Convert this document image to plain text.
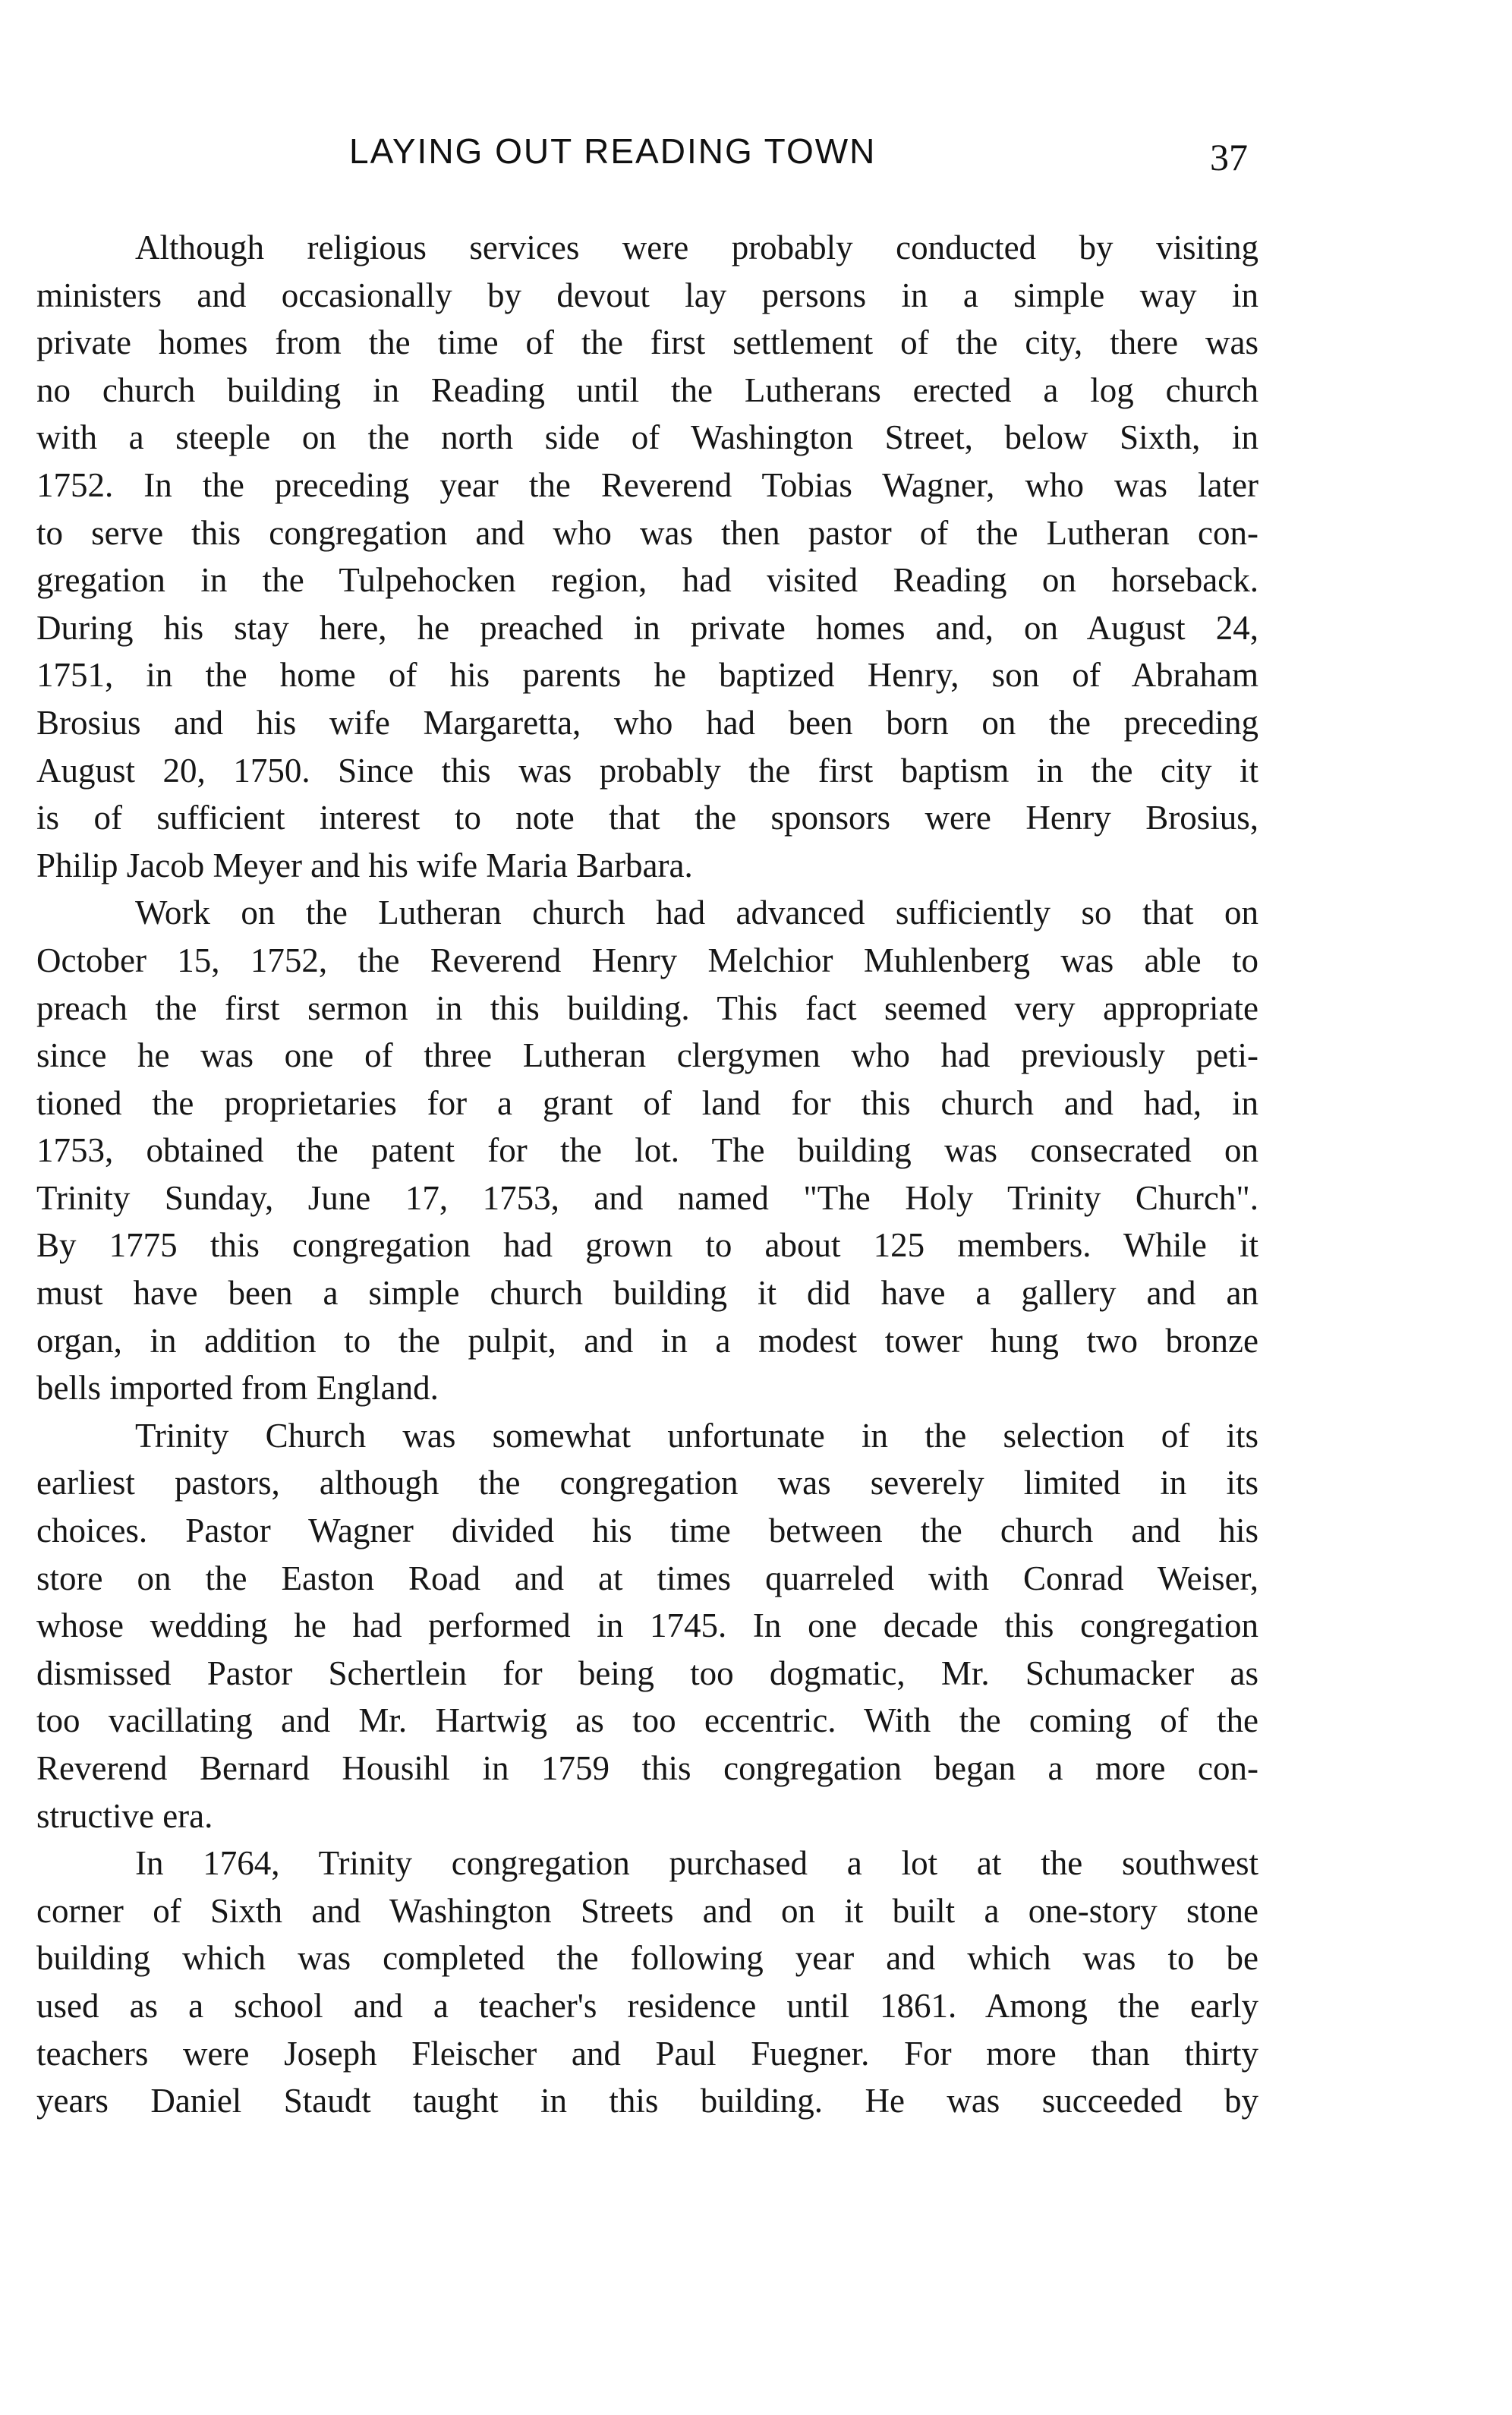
LAYING OUT READING TOWN	37
Although religious services were probably conducted by visiting
ministers and occasionally by devout lay persons in a simple way in
private homes from the time of the first settlement of the city, there was
no church building in Reading until the Lutherans erected a log church
with a steeple on the north side of Washington Street, below Sixth, in
1752. In the preceding year the Reverend Tobias Wagner, who was later
to serve this congregation and who was then pastor of the Lutheran con-
gregation in the Tulpehocken region, had visited Reading on horseback.
During his stay here, he preached in private homes and, on August 24,
1751, in the home of his parents he baptized Henry, son of Abraham
Brosius and his wife Margaretta, who had been born on the preceding
August 20, 1750. Since this was probably the first baptism in the city it
is of sufficient interest to note that the sponsors were Henry Brosius,
Philip Jacob Meyer and his wife Maria Barbara.
Work on the Lutheran church had advanced sufficiently so that on
October 15, 1752, the Reverend Henry Melchior Muhlenberg was able to
preach the first sermon in this building. This fact seemed very appropriate
since he was one of three Lutheran clergymen who had previously peti-
tioned the proprietaries for a grant of land for this church and had, in
1753, obtained the patent for the lot. The building was consecrated on
Trinity Sunday, June 17, 1753, and named "The Holy Trinity Church".
By 1775 this congregation had grown to about 125 members. While it
must have been a simple church building it did have a gallery and an
organ, in addition to the pulpit, and in a modest tower hung two bronze
bells imported from England.
Trinity Church was somewhat unfortunate in the selection of its
earliest pastors, although the congregation was severely limited in its
choices. Pastor Wagner divided his time between the church and his
store on the Easton Road and at times quarreled with Conrad Weiser,
whose wedding he had performed in 1745. In one decade this congregation
dismissed Pastor Schertlein for being too dogmatic, Mr. Schumacker as
too vacillating and Mr. Hartwig as too eccentric. With the coming of the
Reverend Bernard Housihl in 1759 this congregation began a more con-
structive era.
In 1764, Trinity congregation purchased a lot at the southwest
corner of Sixth and Washington Streets and on it built a one-story stone
building which was completed the following year and which was to be
used as a school and a teacher's residence until 1861. Among the early
teachers were Joseph Fleischer and Paul Fuegner. For more than thirty
years Daniel Staudt taught in this building. He was succeeded by
